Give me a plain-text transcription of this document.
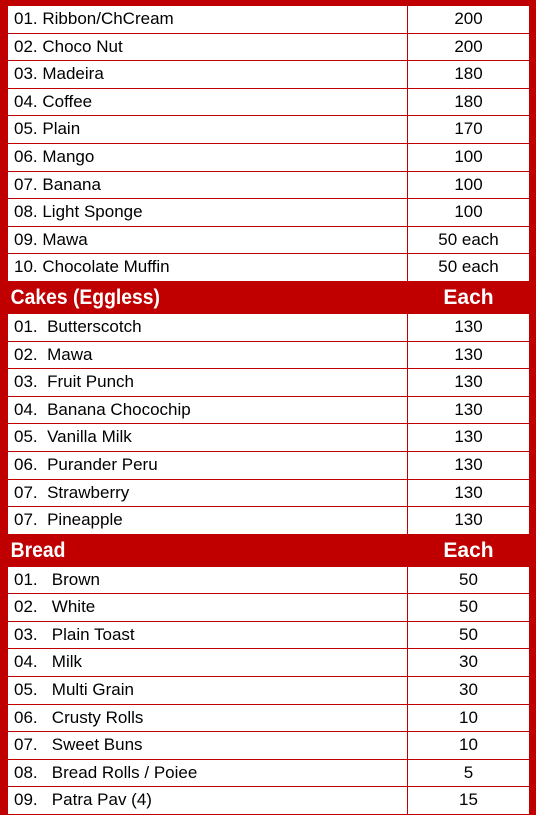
01. Ribbon/ChCream	200
02. Choco Nut	200
03. Madeira	180
04. Coffee	180
05. Plain	170
06. Mango	100
07. Banana	100
08. Light Sponge	100
09. Mawa	50 each
10. Chocolate Muffin	50 each
Cakes (Eggless)	Each
01.  Butterscotch	130
02.  Mawa	130
03.  Fruit Punch	130
04.  Banana Chocochip	130
05.  Vanilla Milk	130
06.  Purander Peru	130
07.  Strawberry	130
07.  Pineapple	130
Bread	Each
01.   Brown	50
02.   White	50
03.   Plain Toast	50
04.   Milk	30
05.   Multi Grain	30
06.   Crusty Rolls	10
07.   Sweet Buns	10
08.   Bread Rolls / Poiee	5
09.   Patra Pav (4)	15
